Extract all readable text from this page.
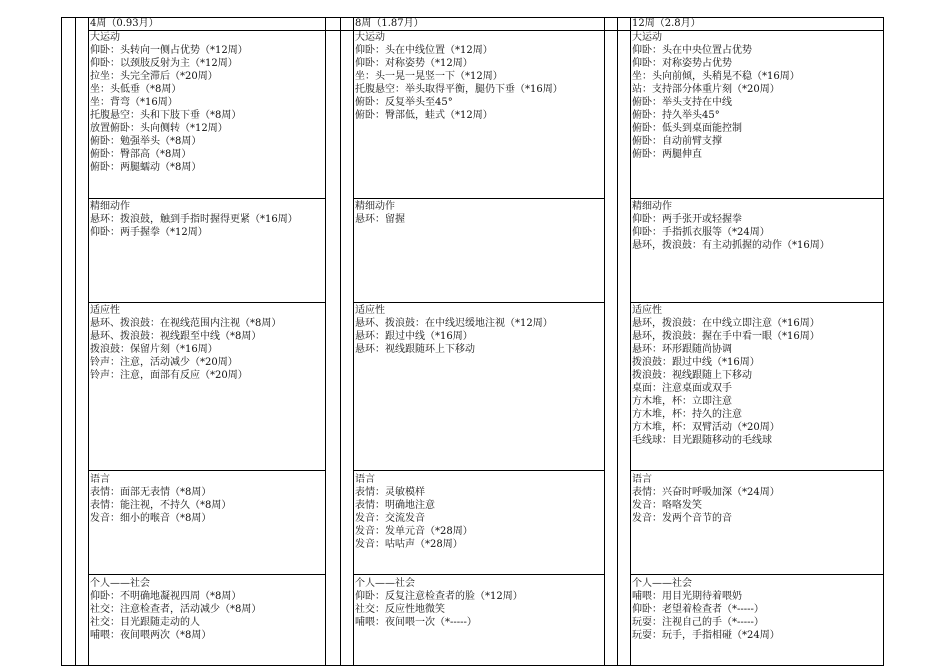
4周（0.93月）
大运动
仰卧：头转向一侧占优势（*12周）
仰卧：以颈肢反射为主（*12周）
拉坐：头完全滞后（*20周）
坐：头低垂（*8周）
坐：背弯（*16周）
托腹悬空：头和下肢下垂（*8周）
放置俯卧：头向侧转（*12周）
俯卧：勉强举头（*8周）
俯卧：臀部高（*8周）
俯卧：两腿蠕动（*8周）
精细动作
悬环：拨浪鼓，触到手指时握得更紧（*16周）
仰卧：两手握拳（*12周）
适应性
悬环、拨浪鼓：在视线范围内注视（*8周）
悬环、拨浪鼓：视线跟至中线（*8周）
拨浪鼓：保留片刻（*16周）
铃声：注意，活动减少（*20周）
铃声：注意，面部有反应（*20周）
语言
表情：面部无表情（*8周）
表情：能注视，不持久（*8周）
发音：细小的喉音（*8周）
个人——社会
仰卧：不明确地凝视四周（*8周）
社交：注意检查者，活动减少（*8周）
社交：目光跟随走动的人
哺喂：夜间喂两次（*8周）
8周（1.87月）
大运动
仰卧：头在中线位置（*12周）
仰卧：对称姿势（*12周）
坐：头一晃一晃竖一下（*12周）
托腹悬空：举头取得平衡，腿仍下垂（*16周）
俯卧：反复举头至45°
俯卧：臀部低，蛙式（*12周）
精细动作
悬环：留握
适应性
悬环、拨浪鼓：在中线迟缓地注视（*12周）
悬环：跟过中线（*16周）
悬环：视线跟随环上下移动
语言
表情：灵敏模样
表情：明确地注意
发音：交流发音
发音：发单元音（*28周）
发音：咕咕声（*28周）
个人——社会
仰卧：反复注意检查者的脸（*12周）
社交：反应性地微笑
哺喂：夜间喂一次（*-----）
12周（2.8月）
大运动
仰卧：头在中央位置占优势
仰卧：对称姿势占优势
坐：头向前倾，头稍晃不稳（*16周）
站：支持部分体重片刻（*20周）
俯卧：举头支持在中线
俯卧：持久举头45°
俯卧：低头到桌面能控制
俯卧：自动前臂支撑
俯卧：两腿伸直
精细动作
仰卧：两手张开或轻握拳
仰卧：手指抓衣服等（*24周）
悬环，拨浪鼓：有主动抓握的动作（*16周）
适应性
悬环，拨浪鼓：在中线立即注意（*16周）
悬环，拨浪鼓：握在手中看一眼（*16周）
悬环：环形跟随尚协调
拨浪鼓：跟过中线（*16周）
拨浪鼓：视线跟随上下移动
桌面：注意桌面或双手
方木堆，杯：立即注意
方木堆，杯：持久的注意
方木堆，杯：双臂活动（*20周）
毛线球：目光跟随移动的毛线球
语言
表情：兴奋时呼吸加深（*24周）
发音：咯咯发笑
发音：发两个音节的音
个人——社会
哺喂：用目光期待着喂奶
仰卧：老望着检查者（*-----）
玩耍：注视自己的手（*-----）
玩耍：玩手，手指相碰（*24周）
